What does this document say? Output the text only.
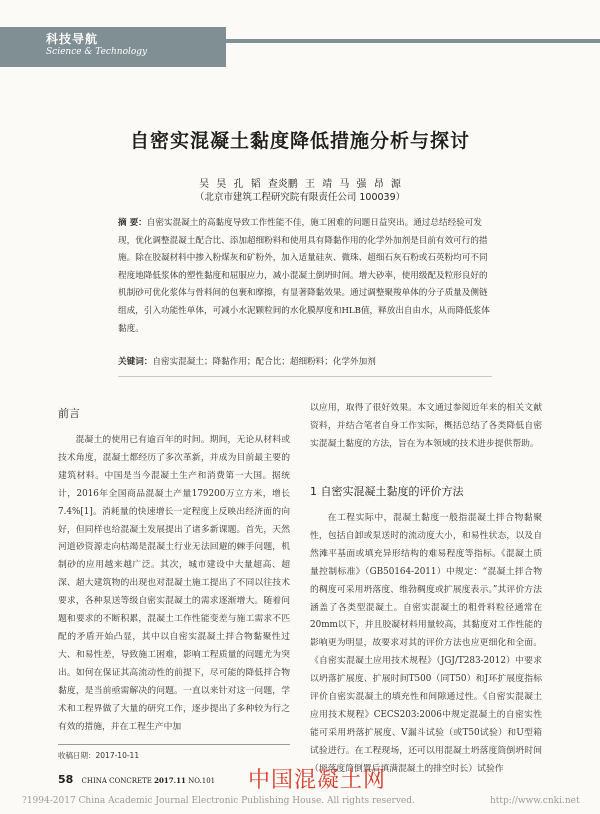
科技导航
Science & Technology
自密实混凝土黏度降低措施分析与探讨
吴 昊 孔 韬 查炎鹏 王 靖 马 强 昂 源
（北京市建筑工程研究院有限责任公司 100039）
摘 要：自密实混凝土的高黏度导致工作性能不佳，施工困难的问题日益突出。通过总结经验可发现，优化调整混凝土配合比、添加超细粉料和使用具有降黏作用的化学外加剂是目前有效可行的措施。除在胶凝材料中掺入粉煤灰和矿粉外，加入适量硅灰、微珠、超细石灰石粉或石英粉均可不同程度地降低浆体的塑性黏度和屈服应力，减小混凝土倒坍时间。增大砂率，使用级配及粒形良好的机制砂可优化浆体与骨料间的包裹和摩擦，有显著降黏效果。通过调整聚羧单体的分子质量及侧链组成，引入功能性单体，可减小水泥颗粒间的水化膜厚度和HLB值，释放出自由水，从而降低浆体黏度。
关键词：自密实混凝土；降黏作用；配合比；超细粉料；化学外加剂
前言

混凝土的使用已有逾百年的时间。期间，无论从材料或技术角度，混凝土都经历了多次革新，并成为目前最主要的建筑材料。中国是当今混凝土生产和消费第一大国。据统计，2016年全国商品混凝土产量179200万立方米，增长7.4%[1]。消耗量的快速增长一定程度上反映出经济面的向好，但同样也给混凝土发展提出了诸多新课题。首先，天然河道砂资源走向枯竭是混凝土行业无法回避的棘手问题，机制砂的应用越来越广泛。其次，城市建设中大量超高、超深、超大建筑物的出现也对混凝土施工提出了不同以往技术要求，各种泵送等级自密实混凝土的需求逐渐增大。随着问题和要求的不断积累，混凝土工作性能变差与施工需求不匹配的矛盾开始凸显，其中以自密实混凝土拌合物黏聚性过大、和易性差，导致施工困难，影响工程质量的问题尤为突出。如何在保证其高流动性的前提下，尽可能的降低拌合物黏度，是当前亟需解决的问题。一直以来针对这一问题，学术和工程界做了大量的研究工作，逐步提出了多种较为行之有效的措施，并在工程生产中加

以应用，取得了很好效果。本文通过参阅近年来的相关文献资料，并结合笔者自身工作实际，概括总结了各类降低自密实混凝土黏度的方法，旨在为本领域的技术进步提供帮助。

1 自密实混凝土黏度的评价方法

在工程实际中，混凝土黏度一般指混凝土拌合物黏聚性，包括自卸或泵送时的流动度大小，和易性状态，以及自然滩平基面或填充异形结构的难易程度等指标。《混凝土质量控制标准》（GB50164-2011）中规定：“混凝土拌合物的稠度可采用坍落度、维勃稠度或扩展度表示。”其评价方法涵盖了各类型混凝土。自密实混凝土的粗骨料粒径通常在20mm以下，并且胶凝材料用量较高，其黏度对工作性能的影响更为明显，故要求对其的评价方法也应更细化和全面。《自密实混凝土应用技术规程》（JGJ/T283-2012）中要求以坍落扩展度、扩展时间T500（同T50）和J环扩展度指标评价自密实混凝土的填充性和间隙通过性。《自密实混凝土应用技术规程》CECS203:2006中规定混凝土的自密实性能可采用坍落扩展度、V漏斗试验（或T50试验）和U型箱试验进行。在工程现场，还可以用混凝土坍落度筒倒坍时间（坍落度筒倒置后填满混凝土的排空时长）试验作

收稿日期：2017-10-11
58 CHINA CONCRETE 2017.11 NO.101 中国混凝土网
?1994-2017 China Academic Journal Electronic Publishing House. All rights reserved.	http://www.cnki.net
